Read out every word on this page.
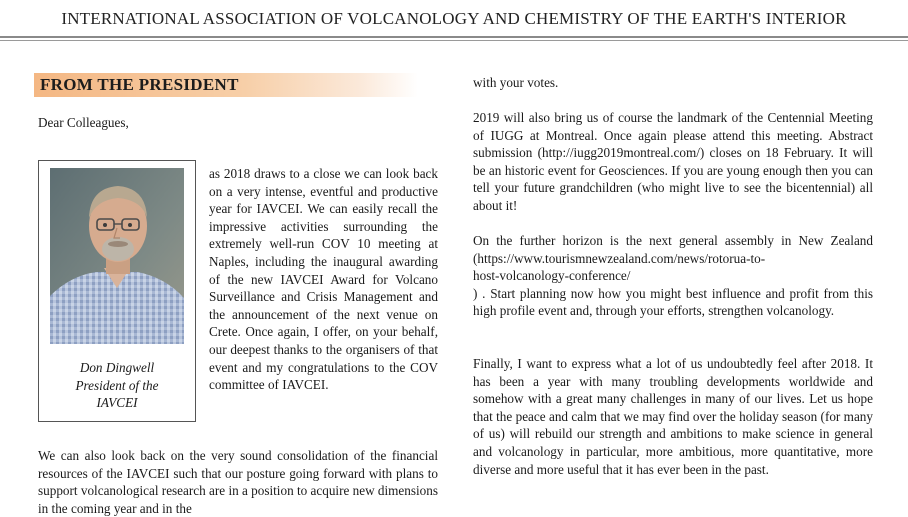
INTERNATIONAL ASSOCIATION OF VOLCANOLOGY AND CHEMISTRY OF THE EARTH'S INTERIOR
FROM THE PRESIDENT
Dear Colleagues,
Don Dingwell
President of the
IAVCEI
as 2018 draws to a close we can look back on a very intense, eventful and productive year for IAVCEI. We can easily recall the impressive activities surrounding the extremely well-run COV 10 meeting at Naples, including the inaugural awarding of the new IAVCEI Award for Volcano Surveillance and Crisis Management and the announcement of the next venue on Crete. Once again, I offer, on your behalf, our deepest thanks to the organisers of that event and my congratulations to the COV committee of IAVCEI.
We can also look back on the very sound consolidation of the financial resources of the IAVCEI such that our posture going forward with plans to support volcanological research are in a position to acquire new dimensions in the coming year and in the
with your votes.
2019 will also bring us of course the landmark of the Centennial Meeting of IUGG at Montreal. Once again please attend this meeting. Abstract submission (http://iugg2019montreal.com/) closes on 18 February. It will be an historic event for Geosciences. If you are young enough then you can tell your future grandchildren (who might live to see the bicentennial) all about it!
On the further horizon is the next general assembly in New Zealand (https://www.tourismnewzealand.com/news/rotorua-to-
host-volcanology-conference/
) . Start planning now how you might best influence and profit from this high profile event and, through your efforts, strengthen volcanology.
Finally, I want to express what a lot of us undoubtedly feel after 2018. It has been a year with many troubling developments worldwide and somehow with a great many challenges in many of our lives. Let us hope that the peace and calm that we may find over the holiday season (for many of us) will rebuild our strength and ambitions to make science in general and volcanology in particular, more ambitious, more quantitative, more diverse and more useful that it has ever been in the past.
